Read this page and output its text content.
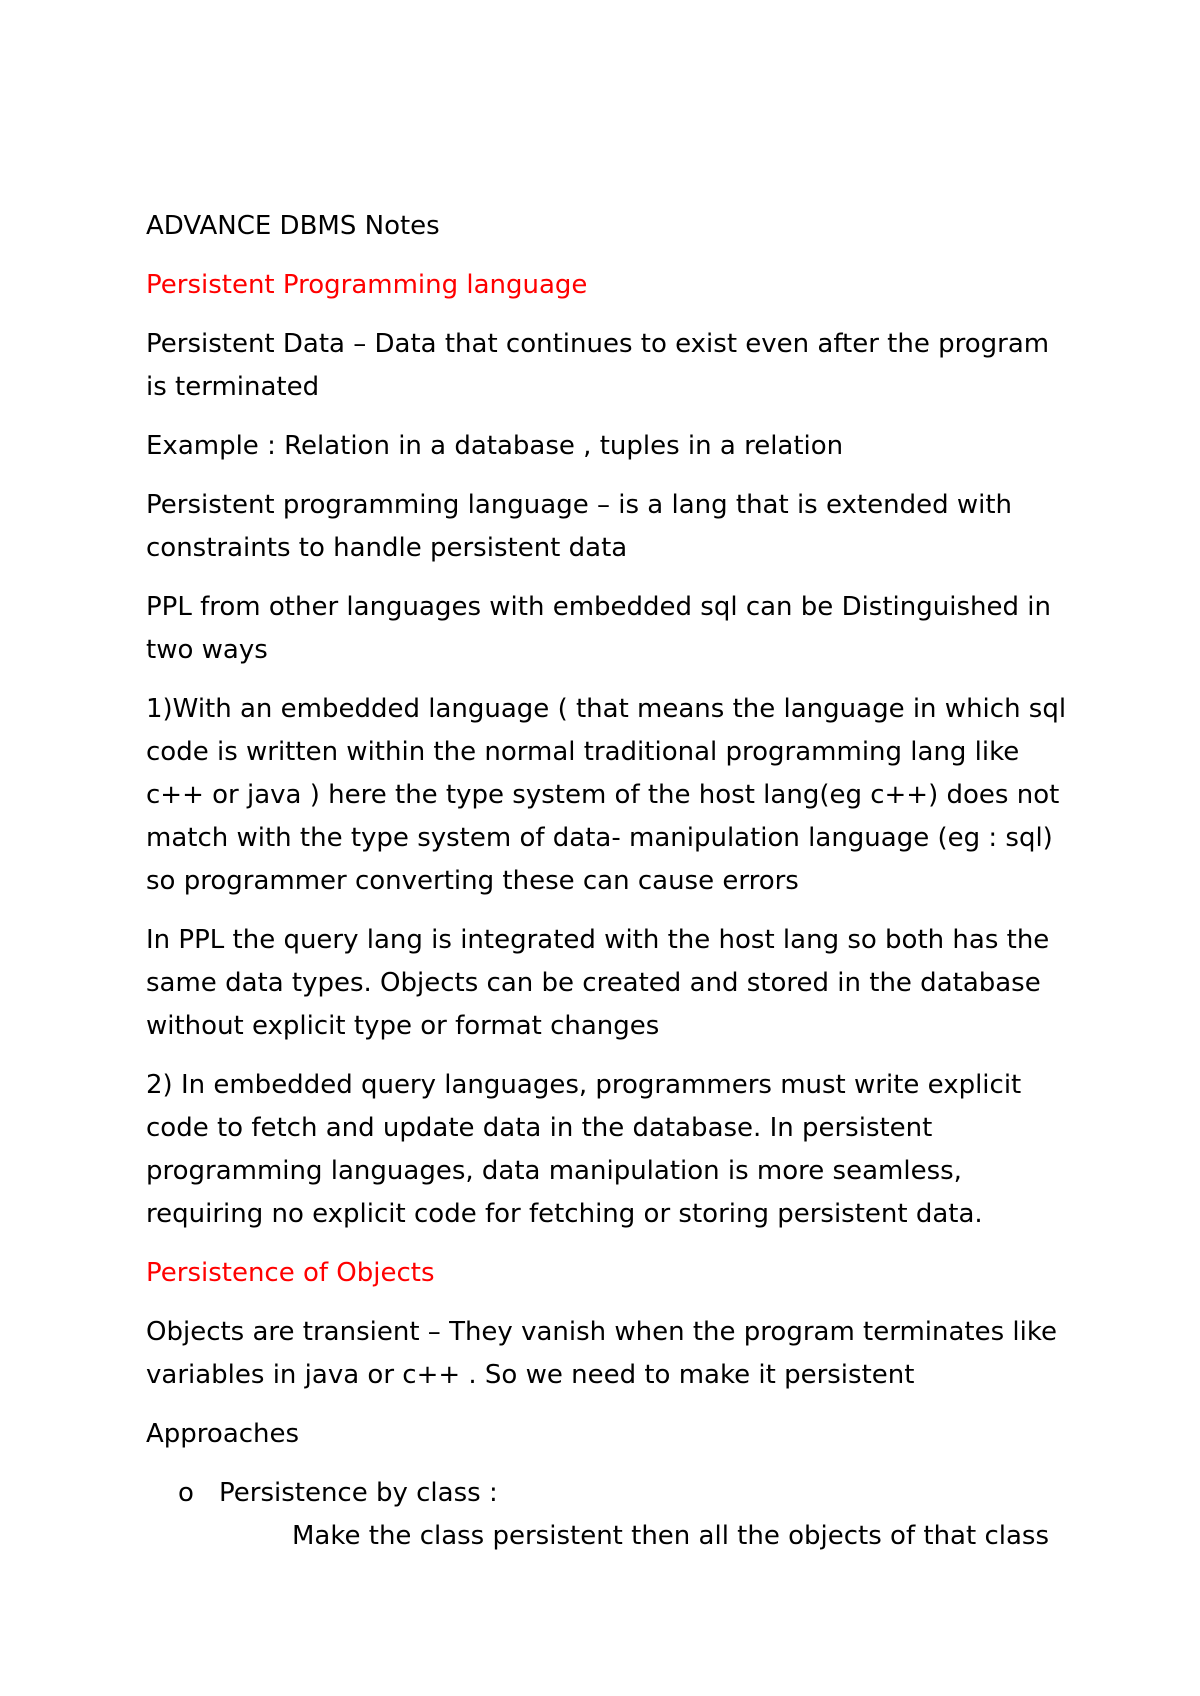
ADVANCE DBMS Notes

Persistent Programming language

Persistent Data – Data that continues to exist even after the program is terminated

Example : Relation in a database , tuples in a relation

Persistent programming language – is a lang that is extended with constraints to handle persistent data

PPL from other languages with embedded sql can be Distinguished in two ways

1)With an embedded language ( that means the language in which sql code is written within the normal traditional programming lang like c++ or java ) here the type system of the host lang(eg c++) does not match with the type system of data- manipulation language (eg : sql) so programmer converting these can cause errors

In PPL the query lang is integrated with the host lang so both has the same data types. Objects can be created and stored in the database without explicit type or format changes

2) In embedded query languages, programmers must write explicit code to fetch and update data in the database. In persistent programming languages, data manipulation is more seamless, requiring no explicit code for fetching or storing persistent data.

Persistence of Objects

Objects are transient – They vanish when the program terminates like variables in java or c++ . So we need to make it persistent

Approaches

o Persistence by class :

Make the class persistent then all the objects of that class
